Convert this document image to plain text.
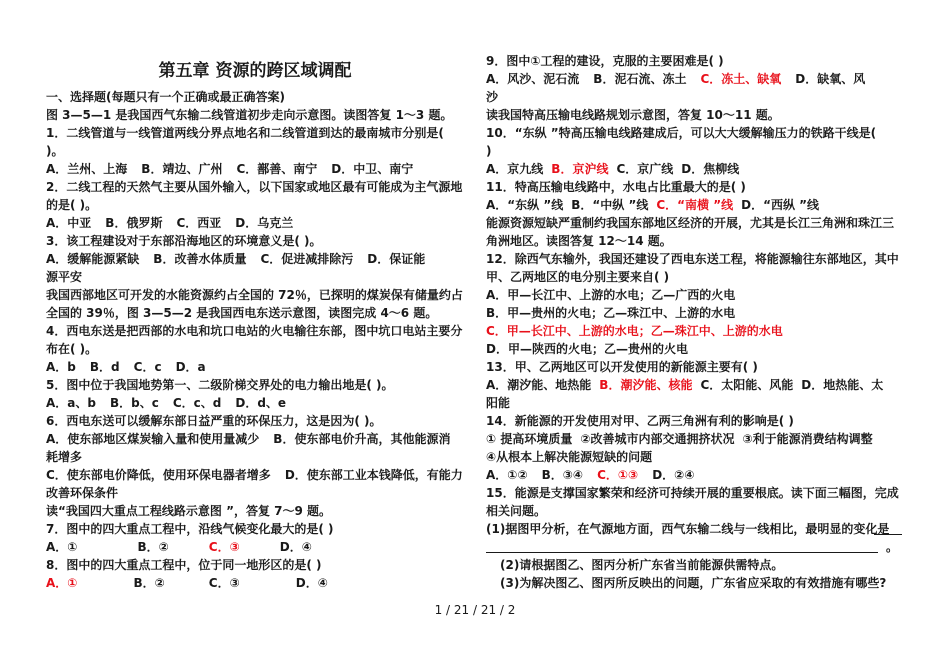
第五章 资源的跨区域调配
一、选择题(每题只有一个正确或最正确答案)
图 3—5—1 是我国西气东输二线管道初步走向示意图。读图答复 1～3 题。
1．二线管道与一线管道两线分界点地名和二线管道到达的最南城市分别是(
)。
A．兰州、上海 B．靖边、广州 C．鄯善、南宁 D．中卫、南宁
2．二线工程的天然气主要从国外输入，以下国家或地区最有可能成为主气源地
的是( )。
A．中亚 B．俄罗斯 C．西亚 D．乌克兰
3．该工程建设对于东部沿海地区的环境意义是( )。
A．缓解能源紧缺 B．改善水体质量 C．促进减排除污 D．保证能
源平安
我国西部地区可开发的水能资源约占全国的 72％，已探明的煤炭保有储量约占
全国的 39％，图 3—5—2 是我国西电东送示意图，读图完成 4～6 题。
4．西电东送是把西部的水电和坑口电站的火电输往东部，图中坑口电站主要分
布在( )。
A．b B．d C．c D．a
5．图中位于我国地势第一、二级阶梯交界处的电力输出地是( )。
A．a、b B．b、c C．c、d D．d、e
6．西电东送可以缓解东部日益严重的环保压力，这是因为( )。
A．使东部地区煤炭输入量和使用量减少 B．使东部电价升高，其他能源消
耗增多
C．使东部电价降低，使用环保电器者增多 D．使东部工业本钱降低，有能力
改善环保条件
读“我国四大重点工程线路示意图 ”，答复 7～9 题。
7．图中的四大重点工程中，沿线气候变化最大的是( )
A．①	B．②	C．③	D．④
8．图中的四大重点工程中，位于同一地形区的是( )
A．①	B．②	C．③	D．④
9．图中①工程的建设，克服的主要困难是( )
A．风沙、泥石流 B．泥石流、冻土 C．冻土、缺氧 D．缺氧、风
沙
读我国特高压输电线路规划示意图，答复 10～11 题。
10．“东纵 ”特高压输电线路建成后，可以大大缓解输压力的铁路干线是(
)
A．京九线 B．京沪线 C．京广线 D．焦柳线
11．特高压输电线路中，水电占比重最大的是( )
A．“东纵 ”线 B．“中纵 ”线 C．“南横 ”线 D．“西纵 ”线
能源资源短缺严重制约我国东部地区经济的开展，尤其是长江三角洲和珠江三
角洲地区。读图答复 12～14 题。
12．除西气东输外，我国还建设了西电东送工程，将能源输往东部地区，其中
甲、乙两地区的电分别主要来自( )
A．甲—长江中、上游的水电；乙—广西的火电
B．甲—贵州的火电；乙—珠江中、上游的水电
C．甲—长江中、上游的水电；乙—珠江中、上游的水电
D．甲—陕西的火电；乙—贵州的火电
13．甲、乙两地区可以开发使用的新能源主要有( )
A．潮汐能、地热能 B．潮汐能、核能 C．太阳能、风能 D．地热能、太
阳能
14．新能源的开发使用对甲、乙两三角洲有利的影响是( )
① 提高环境质量 ②改善城市内部交通拥挤状况 ③利于能源消费结构调整
④从根本上解决能源短缺的问题
A．①② B．③④ C．①③ D．②④
15．能源是支撑国家繁荣和经济可持续开展的重要根底。读下面三幅图，完成
相关问题。
(1)据图甲分析，在气源地方面，西气东输二线与一线相比，最明显的变化是
。
(2)请根据图乙、图丙分析广东省当前能源供需特点。
(3)为解决图乙、图丙所反映出的问题，广东省应采取的有效措施有哪些?
1 / 21 / 21 / 2
